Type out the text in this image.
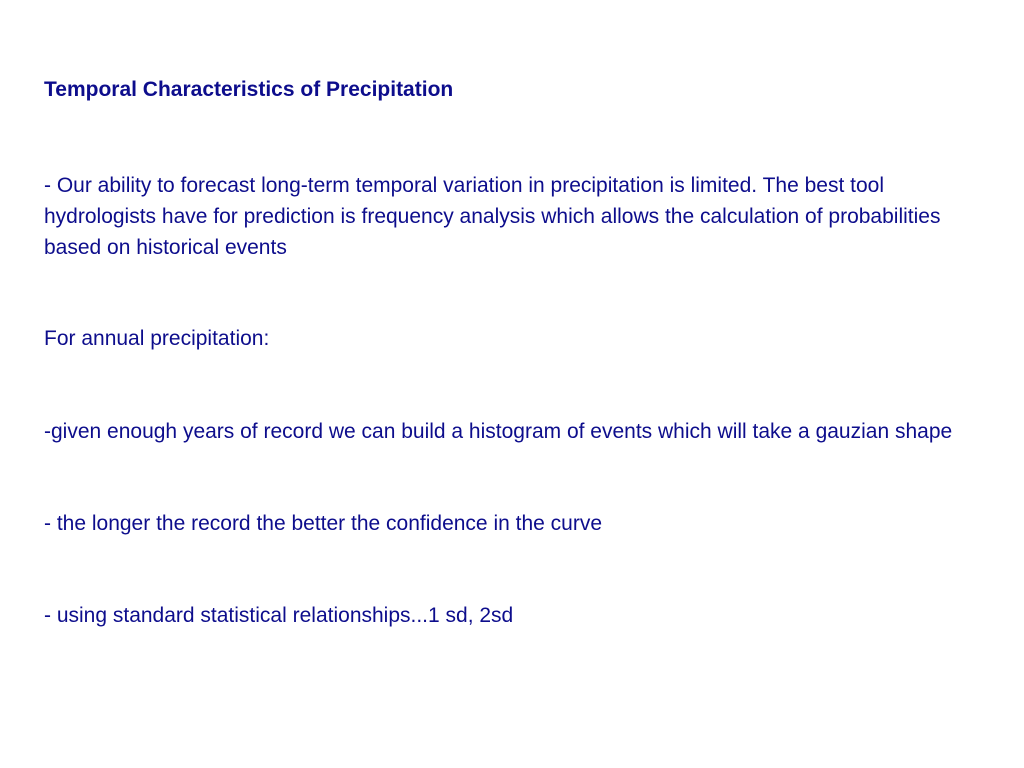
Temporal Characteristics of Precipitation

- Our ability to forecast long-term temporal variation in precipitation is limited. The best tool hydrologists have for prediction is frequency analysis which allows the calculation of probabilities based on historical events

For annual precipitation:

-given enough years of record we can build a histogram of events which will take a gauzian shape

- the longer the record the better the confidence in the curve

- using standard statistical relationships...1 sd, 2sd
